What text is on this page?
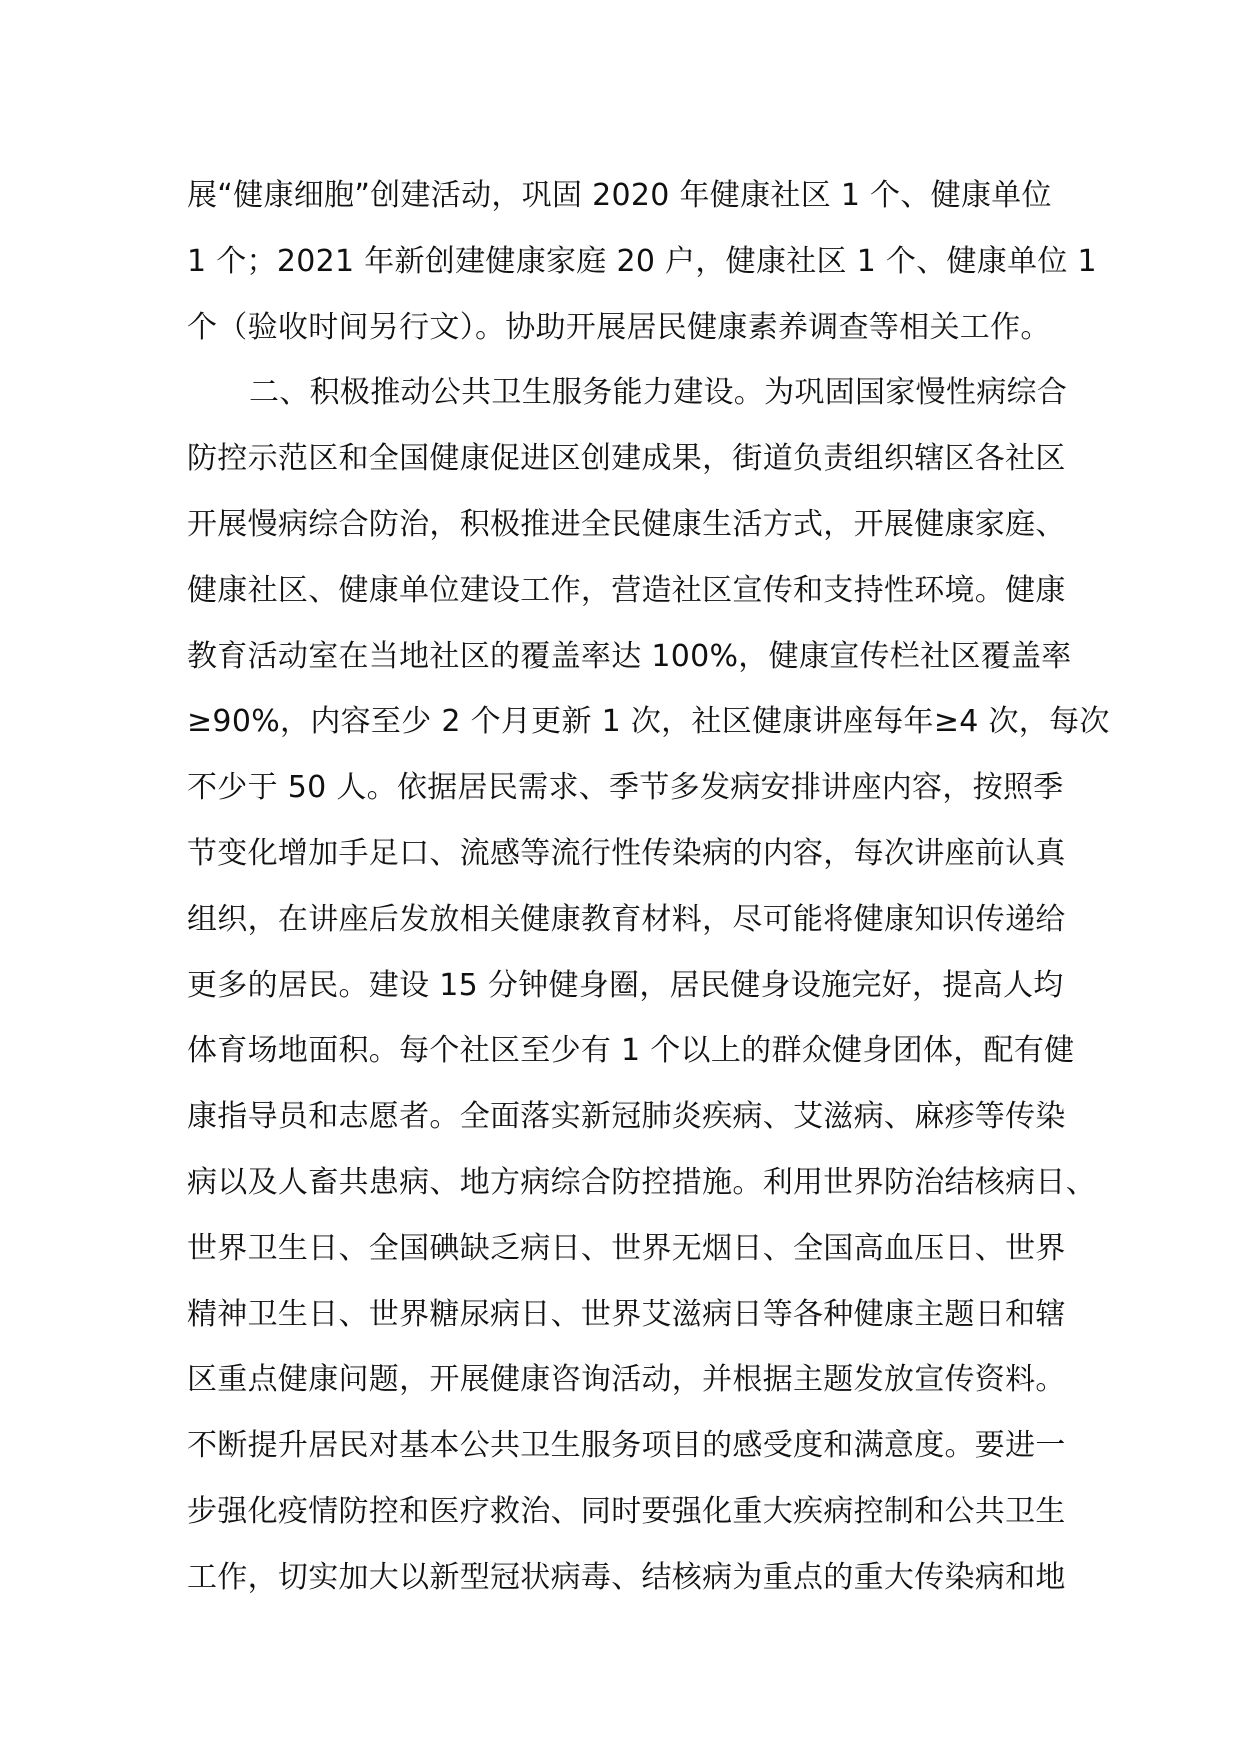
展“健康细胞”创建活动，巩固 2020 年健康社区 1 个、健康单位
1 个；2021 年新创建健康家庭 20 户，健康社区 1 个、健康单位 1
个（验收时间另行文）。协助开展居民健康素养调查等相关工作。
二、积极推动公共卫生服务能力建设。为巩固国家慢性病综合
防控示范区和全国健康促进区创建成果，街道负责组织辖区各社区
开展慢病综合防治，积极推进全民健康生活方式，开展健康家庭、
健康社区、健康单位建设工作，营造社区宣传和支持性环境。健康
教育活动室在当地社区的覆盖率达 100%，健康宣传栏社区覆盖率
≥90%，内容至少 2 个月更新 1 次，社区健康讲座每年≥4 次，每次
不少于 50 人。依据居民需求、季节多发病安排讲座内容，按照季
节变化增加手足口、流感等流行性传染病的内容，每次讲座前认真
组织，在讲座后发放相关健康教育材料，尽可能将健康知识传递给
更多的居民。建设 15 分钟健身圈，居民健身设施完好，提高人均
体育场地面积。每个社区至少有 1 个以上的群众健身团体，配有健
康指导员和志愿者。全面落实新冠肺炎疾病、艾滋病、麻疹等传染
病以及人畜共患病、地方病综合防控措施。利用世界防治结核病日、
世界卫生日、全国碘缺乏病日、世界无烟日、全国高血压日、世界
精神卫生日、世界糖尿病日、世界艾滋病日等各种健康主题日和辖
区重点健康问题，开展健康咨询活动，并根据主题发放宣传资料。
不断提升居民对基本公共卫生服务项目的感受度和满意度。要进一
步强化疫情防控和医疗救治、同时要强化重大疾病控制和公共卫生
工作，切实加大以新型冠状病毒、结核病为重点的重大传染病和地
